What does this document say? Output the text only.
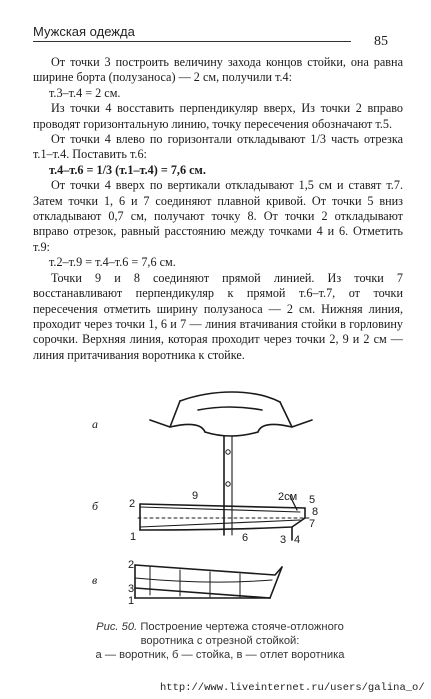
Мужская одежда
85

От точки 3 построить величину захода концов стойки, она равна ширине борта (полузаноса) — 2 см, получили т.4:

т.3–т.4 = 2 см.

Из точки 4 восставить перпендикуляр вверх, Из точки 2 вправо проводят горизонтальную линию, точку пересечения обозначают т.5.

От точки 4 влево по горизонтали откладывают 1/3 часть отрезка т.1–т.4. Поставить т.6:

т.4–т.6 = 1/3 (т.1–т.4) = 7,6 см.

От точки 4 вверх по вертикали откладывают 1,5 см и ставят т.7. Затем точки 1, 6 и 7 соединяют плавной кривой. От точки 5 вниз откладывают 0,7 см, получают точку 8. От точки 2 откладывают вправо отрезок, равный расстоянию между точками 4 и 6. Отметить т.9:

т.2–т.9 = т.4–т.6 = 7,6 см.

Точки 9 и 8 соединяют прямой линией. Из точки 7 восстанавливают перпендикуляр к прямой т.6–т.7, от точки пересечения отметить ширину полузаноса — 2 см. Нижняя линия, проходит через точки 1, 6 и 7 — линия втачивания стойки в горловину сорочки. Верхняя линия, которая проходит через точки 2, 9 и 2 см — линия притачивания воротника к стойке.

а
б
в
2
9	2см 5
8
7
1	6	3 4
2
3
1
Рис. 50. Построение чертежа стояче-отложного
воротника с отрезной стойкой:
а — воротник, б — стойка, в — отлет воротника
http://www.liveinternet.ru/users/galina_o/
